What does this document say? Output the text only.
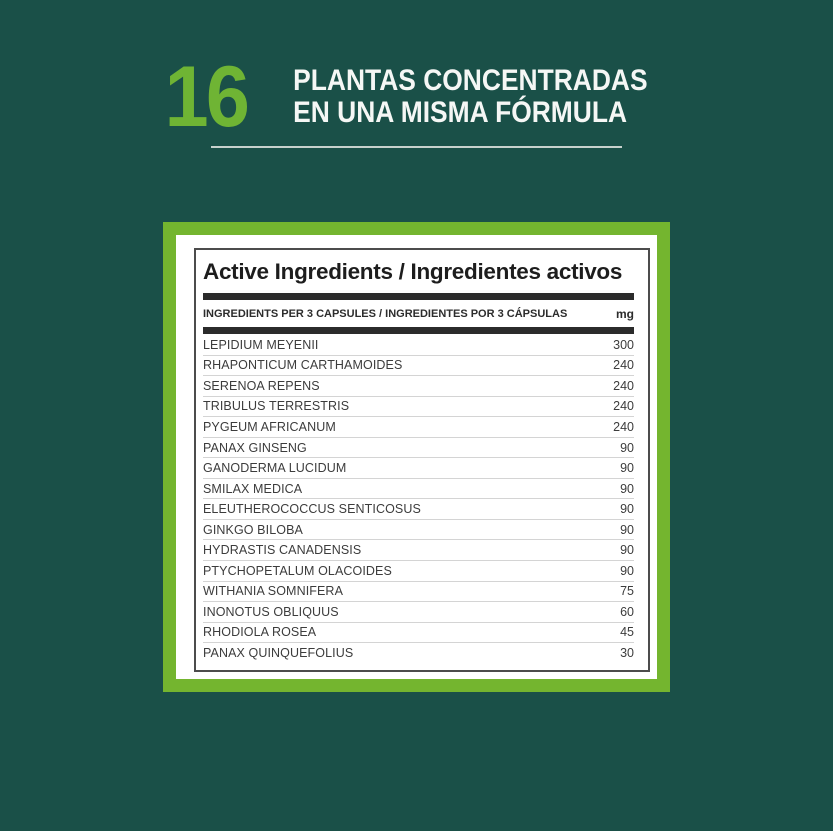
16 PLANTAS CONCENTRADAS
EN UNA MISMA FÓRMULA
Active Ingredients / Ingredientes activos
INGREDIENTS PER 3 CAPSULES / INGREDIENTES POR 3 CÁPSULAS	mg
LEPIDIUM MEYENII	300
RHAPONTICUM CARTHAMOIDES	240
SERENOA REPENS	240
TRIBULUS TERRESTRIS	240
PYGEUM AFRICANUM	240
PANAX GINSENG	90
GANODERMA LUCIDUM	90
SMILAX MEDICA	90
ELEUTHEROCOCCUS SENTICOSUS	90
GINKGO BILOBA	90
HYDRASTIS CANADENSIS	90
PTYCHOPETALUM OLACOIDES	90
WITHANIA SOMNIFERA	75
INONOTUS OBLIQUUS	60
RHODIOLA ROSEA	45
PANAX QUINQUEFOLIUS	30
